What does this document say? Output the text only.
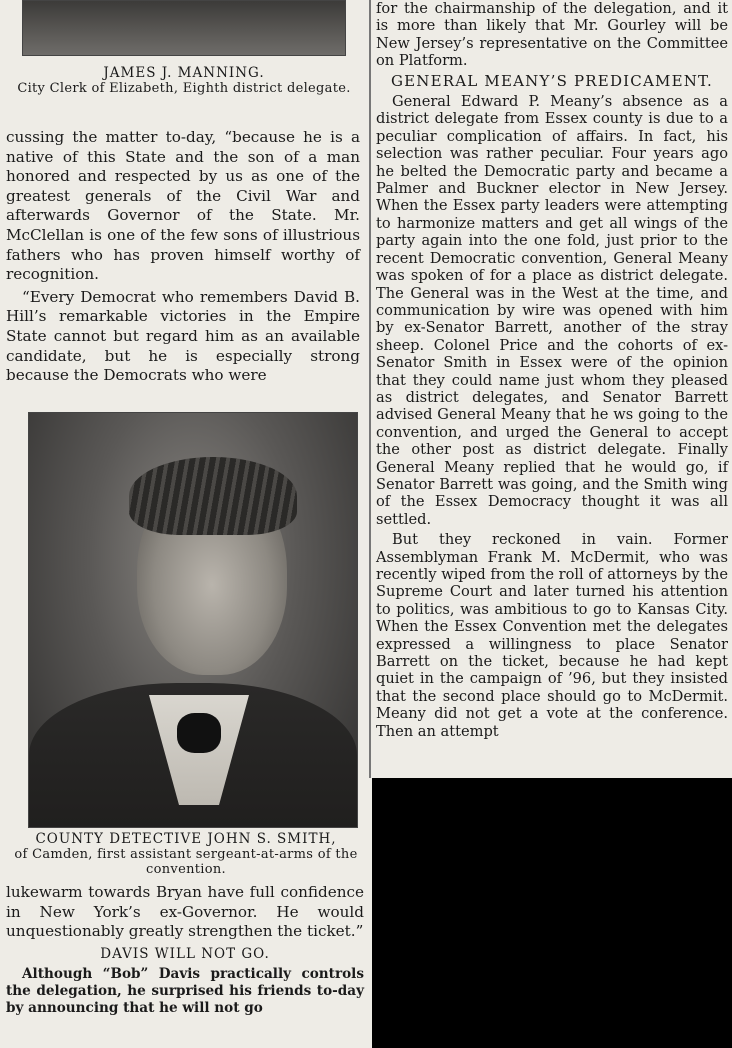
JAMES J. MANNING.
City Clerk of Elizabeth, Eighth district delegate.

cussing the matter to-day, “because he is a native of this State and the son of a man honored and respected by us as one of the greatest generals of the Civil War and afterwards Governor of the State. Mr. McClellan is one of the few sons of illustrious fathers who has proven himself worthy of recognition.

“Every Democrat who remembers David B. Hill’s remarkable victories in the Empire State cannot but regard him as an available candidate, but he is especially strong because the Democrats who were

COUNTY DETECTIVE JOHN S. SMITH,
of Camden, first assistant sergeant-at-arms of the convention.

lukewarm towards Bryan have full confidence in New York’s ex-Governor. He would unquestionably greatly strengthen the ticket.”

DAVIS WILL NOT GO.

Although “Bob” Davis practically controls the delegation, he surprised his friends to-day by announcing that he will not go

for the chairmanship of the delegation, and it is more than likely that Mr. Gourley will be New Jersey’s representative on the Committee on Platform.

GENERAL MEANY’S PREDICAMENT.

General Edward P. Meany’s absence as a district delegate from Essex county is due to a peculiar complication of affairs. In fact, his selection was rather peculiar. Four years ago he belted the Democratic party and became a Palmer and Buckner elector in New Jersey. When the Essex party leaders were attempting to harmonize matters and get all wings of the party again into the one fold, just prior to the recent Democratic convention, General Meany was spoken of for a place as district delegate. The General was in the West at the time, and communication by wire was opened with him by ex-Senator Barrett, another of the stray sheep. Colonel Price and the cohorts of ex-Senator Smith in Essex were of the opinion that they could name just whom they pleased as district delegates, and Senator Barrett advised General Meany that he ws going to the convention, and urged the General to accept the other post as district delegate. Finally General Meany replied that he would go, if Senator Barrett was going, and the Smith wing of the Essex Democracy thought it was all settled.

But they reckoned in vain. Former Assemblyman Frank M. McDermit, who was recently wiped from the roll of attorneys by the Supreme Court and later turned his attention to politics, was ambitious to go to Kansas City. When the Essex Convention met the delegates expressed a willingness to place Senator Barrett on the ticket, because he had kept quiet in the campaign of ’96, but they insisted that the second place should go to McDermit. Meany did not get a vote at the conference. Then an attempt
